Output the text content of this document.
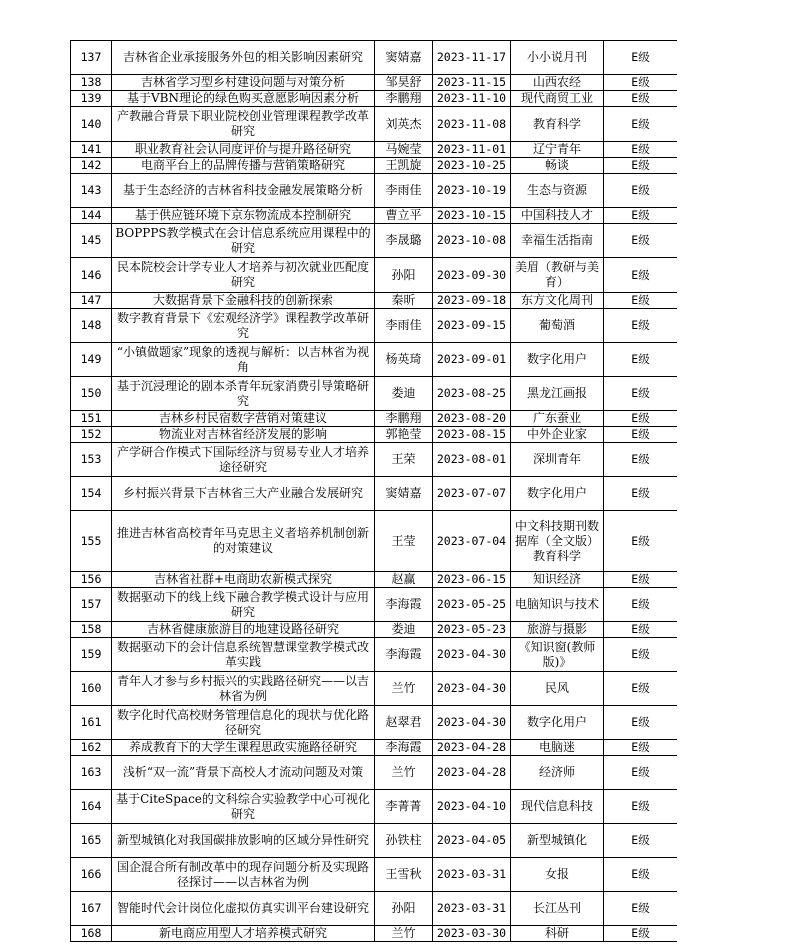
137	吉林省企业承接服务外包的相关影响因素研究	窦婧嘉	2023-11-17	小小说月刊	E级
138	吉林省学习型乡村建设问题与对策分析	邹昊舒	2023-11-15	山西农经	E级
139	基于VBN理论的绿色购买意愿影响因素分析	李鹏翔	2023-11-10	现代商贸工业	E级
140	产教融合背景下职业院校创业管理课程教学改革研究	刘英杰	2023-11-08	教育科学	E级
141	职业教育社会认同度评价与提升路径研究	马婉莹	2023-11-01	辽宁青年	E级
142	电商平台上的品牌传播与营销策略研究	王凯旋	2023-10-25	畅谈	E级
143	基于生态经济的吉林省科技金融发展策略分析	李雨佳	2023-10-19	生态与资源	E级
144	基于供应链环境下京东物流成本控制研究	曹立平	2023-10-15	中国科技人才	E级
145	BOPPPS教学模式在会计信息系统应用课程中的研究	李晟璐	2023-10-08	幸福生活指南	E级
146	民本院校会计学专业人才培养与初次就业匹配度研究	孙阳	2023-09-30	美眉（教研与美育）	E级
147	大数据背景下金融科技的创新探索	秦昕	2023-09-18	东方文化周刊	E级
148	数字教育背景下《宏观经济学》课程教学改革研究	李雨佳	2023-09-15	葡萄酒	E级
149	“小镇做题家”现象的透视与解析：以吉林省为视角	杨英琦	2023-09-01	数字化用户	E级
150	基于沉浸理论的剧本杀青年玩家消费引导策略研究	娄迪	2023-08-25	黑龙江画报	E级
151	吉林乡村民宿数字营销对策建议	李鹏翔	2023-08-20	广东蚕业	E级
152	物流业对吉林省经济发展的影响	郭艳莹	2023-08-15	中外企业家	E级
153	产学研合作模式下国际经济与贸易专业人才培养途径研究	王荣	2023-08-01	深圳青年	E级
154	乡村振兴背景下吉林省三大产业融合发展研究	窦婧嘉	2023-07-07	数字化用户	E级
155	推进吉林省高校青年马克思主义者培养机制创新的对策建议	王莹	2023-07-04	中文科技期刊数据库（全文版）教育科学	E级
156	吉林省社群+电商助农新模式探究	赵赢	2023-06-15	知识经济	E级
157	数据驱动下的线上线下融合教学模式设计与应用研究	李海霞	2023-05-25	电脑知识与技术	E级
158	吉林省健康旅游目的地建设路径研究	娄迪	2023-05-23	旅游与摄影	E级
159	数据驱动下的会计信息系统智慧课堂教学模式改革实践	李海霞	2023-04-30	《知识窗(教师版)》	E级
160	青年人才参与乡村振兴的实践路径研究——以吉林省为例	兰竹	2023-04-30	民风	E级
161	数字化时代高校财务管理信息化的现状与优化路径研究	赵翠君	2023-04-30	数字化用户	E级
162	养成教育下的大学生课程思政实施路径研究	李海霞	2023-04-28	电脑迷	E级
163	浅析“双一流”背景下高校人才流动问题及对策	兰竹	2023-04-28	经济师	E级
164	基于CiteSpace的文科综合实验教学中心可视化研究	李菁菁	2023-04-10	现代信息科技	E级
165	新型城镇化对我国碳排放影响的区域分异性研究	孙铁柱	2023-04-05	新型城镇化	E级
166	国企混合所有制改革中的现存问题分析及实现路径探讨——以吉林省为例	王雪秋	2023-03-31	女报	E级
167	智能时代会计岗位化虚拟仿真实训平台建设研究	孙阳	2023-03-31	长江丛刊	E级
168	新电商应用型人才培养模式研究	兰竹	2023-03-30	科研	E级
